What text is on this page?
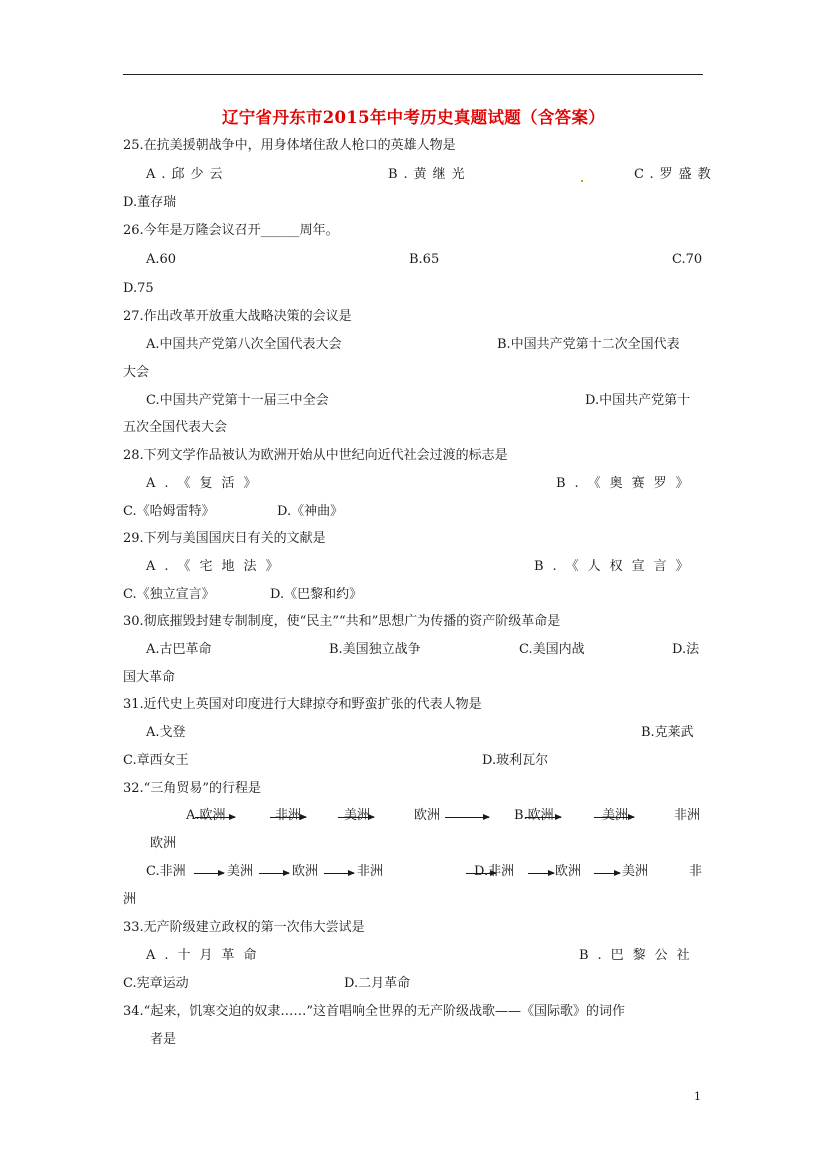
辽宁省丹东市2015年中考历史真题试题（含答案）
25.在抗美援朝战争中，用身体堵住敌人枪口的英雄人物是
A.邱少云	B.黄继光	C.罗盛教
D.董存瑞
26.今年是万隆会议召开______周年。
A.60	B.65	C.70
D.75
27.作出改革开放重大战略决策的会议是
A.中国共产党第八次全国代表大会	B.中国共产党第十二次全国代表
大会
C.中国共产党第十一届三中全会	D.中国共产党第十
五次全国代表大会
28.下列文学作品被认为欧洲开始从中世纪向近代社会过渡的标志是
A.《复活》	B.《奥赛罗》
C.《哈姆雷特》	D.《神曲》
29.下列与美国国庆日有关的文献是
A.《宅地法》	B.《人权宣言》
C.《独立宣言》	D.《巴黎和约》
30.彻底摧毁封建专制制度，使“民主”“共和”思想广为传播的资产阶级革命是
A.古巴革命	B.美国独立战争	C.美国内战	D.法
国大革命
31.近代史上英国对印度进行大肆掠夺和野蛮扩张的代表人物是
A.戈登	B.克莱武
C.章西女王	D.玻利瓦尔
32.“三角贸易”的行程是
A.欧洲	非洲	美洲	欧洲	B.欧洲	美洲	非洲
欧洲
C.非洲	美洲	欧洲	非洲	D.非洲	欧洲	美洲	非
洲
33.无产阶级建立政权的第一次伟大尝试是
A.十月革命	B.巴黎公社
C.宪章运动	D.二月革命
34.“起来，饥寒交迫的奴隶……”这首唱响全世界的无产阶级战歌——《国际歌》的词作
者是
1
